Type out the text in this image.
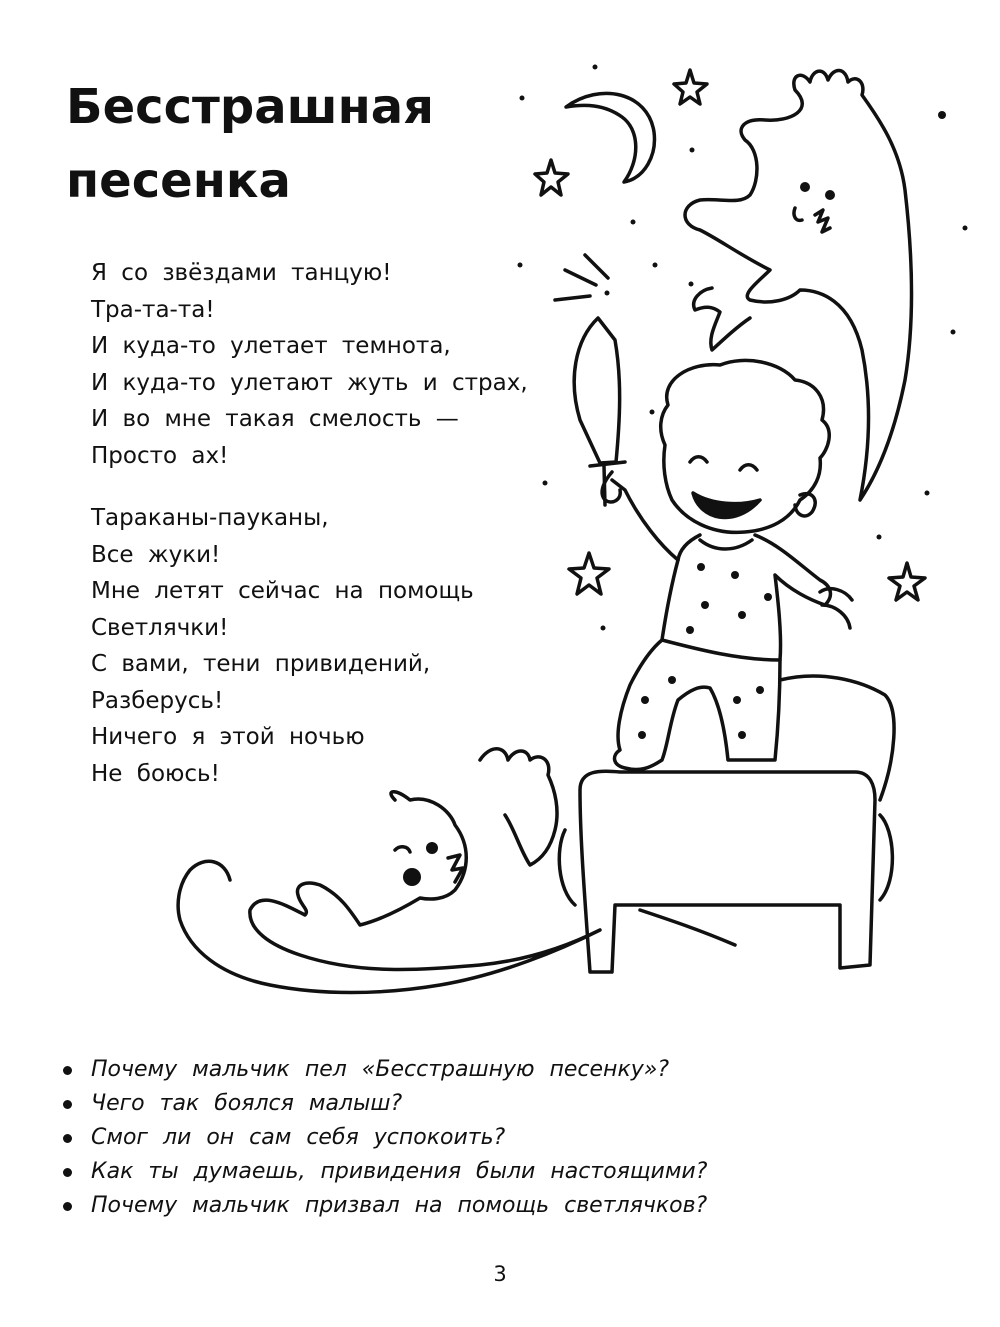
Бесстрашная
песенка
Я со звёздами танцую!
Тра-та-та!
И куда-то улетает темнота,
И куда-то улетают жуть и страх,
И во мне такая смелость —
Просто ах!
Тараканы-пауканы,
Все жуки!
Мне летят сейчас на помощь
Светлячки!
С вами, тени привидений,
Разберусь!
Ничего я этой ночью
Не боюсь!
Почему мальчик пел «Бесстрашную песенку»?
Чего так боялся малыш?
Смог ли он сам себя успокоить?
Как ты думаешь, привидения были настоящими?
Почему мальчик призвал на помощь светлячков?
3
